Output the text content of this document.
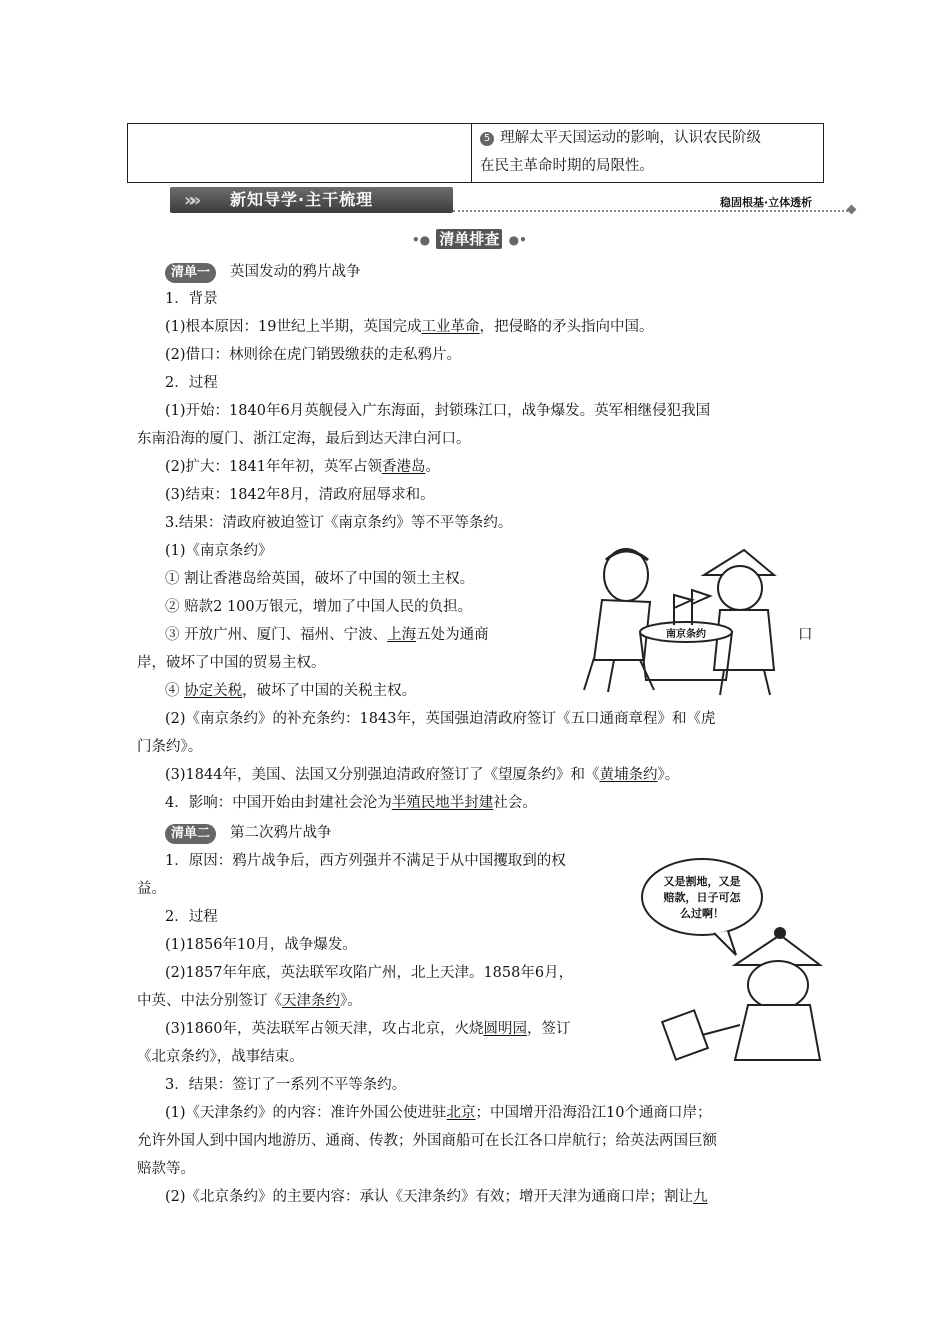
5 理解太平天国运动的影响，认识农民阶级
在民主革命时期的局限性。
»» 新知导学·主干梳理	稳固根基·立体透析
•● 清单排查 ●•
清单一 英国发动的鸦片战争
1．背景
(1)根本原因：19世纪上半期，英国完成工业革命，把侵略的矛头指向中国。
(2)借口：林则徐在虎门销毁缴获的走私鸦片。
2．过程
(1)开始：1840年6月英舰侵入广东海面，封锁珠江口，战争爆发。英军相继侵犯我国
东南沿海的厦门、浙江定海，最后到达天津白河口。
(2)扩大：1841年年初，英军占领香港岛。
(3)结束：1842年8月，清政府屈辱求和。
3.结果：清政府被迫签订《南京条约》等不平等条约。
(1)《南京条约》
① 割让香港岛给英国，破坏了中国的领土主权。
② 赔款2 100万银元，增加了中国人民的负担。
③ 开放广州、厦门、福州、宁波、上海五处为通商	口
岸，破坏了中国的贸易主权。
④ 协定关税，破坏了中国的关税主权。
(2)《南京条约》的补充条约：1843年，英国强迫清政府签订《五口通商章程》和《虎
门条约》。
(3)1844年，美国、法国又分别强迫清政府签订了《望厦条约》和《黄埔条约》。
4．影响：中国开始由封建社会沦为半殖民地半封建社会。
南京条约
清单二 第二次鸦片战争
1．原因：鸦片战争后，西方列强并不满足于从中国攫取到的权
益。
2．过程
(1)1856年10月，战争爆发。
(2)1857年年底，英法联军攻陷广州，北上天津。1858年6月，
中英、中法分别签订《天津条约》。
(3)1860年，英法联军占领天津，攻占北京，火烧圆明园，签订
《北京条约》，战事结束。
3．结果：签订了一系列不平等条约。
(1)《天津条约》的内容：准许外国公使进驻北京；中国增开沿海沿江10个通商口岸；
允许外国人到中国内地游历、通商、传教；外国商船可在长江各口岸航行；给英法两国巨额
赔款等。
(2)《北京条约》的主要内容：承认《天津条约》有效；增开天津为通商口岸；割让九
又是割地，又是
赔款，日子可怎
么过啊！
